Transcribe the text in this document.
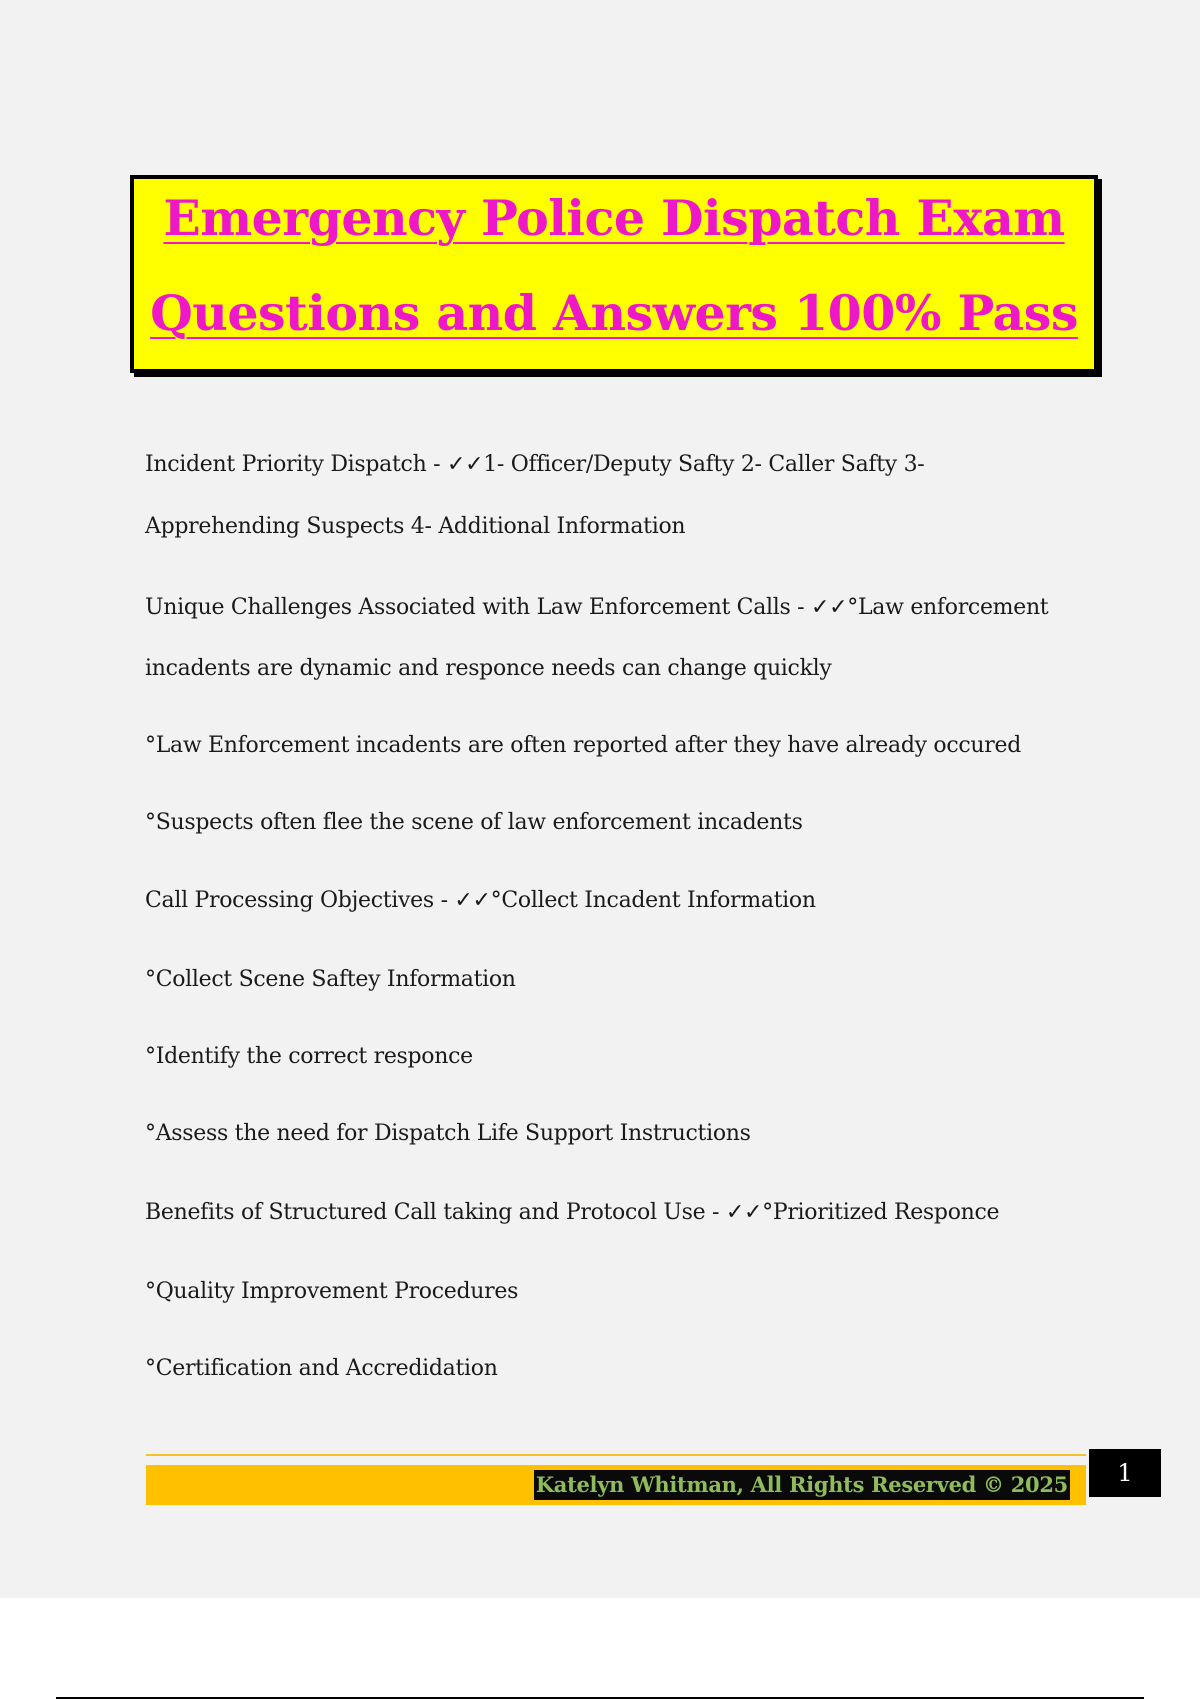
Emergency Police Dispatch Exam
Questions and Answers 100% Pass
Incident Priority Dispatch - ✓✓1- Officer/Deputy Safty 2- Caller Safty 3-
Apprehending Suspects 4- Additional Information
Unique Challenges Associated with Law Enforcement Calls - ✓✓°Law enforcement
incadents are dynamic and responce needs can change quickly
°Law Enforcement incadents are often reported after they have already occured
°Suspects often flee the scene of law enforcement incadents
Call Processing Objectives - ✓✓°Collect Incadent Information
°Collect Scene Saftey Information
°Identify the correct responce
°Assess the need for Dispatch Life Support Instructions
Benefits of Structured Call taking and Protocol Use - ✓✓°Prioritized Responce
°Quality Improvement Procedures
°Certification and Accredidation
Katelyn Whitman, All Rights Reserved © 2025	1
